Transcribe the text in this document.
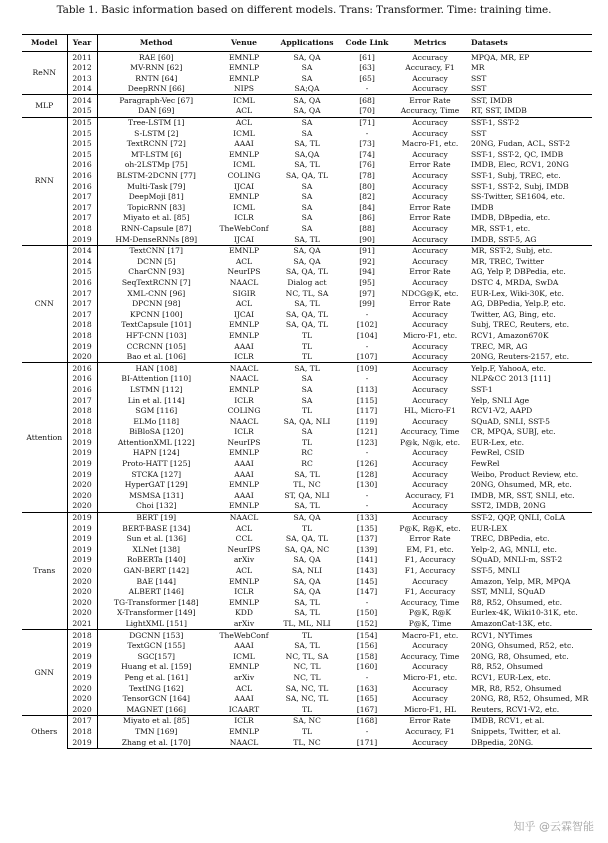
Table 1. Basic information based on different models. Trans: Transformer. Time: training time.
Model	Year	Method	Venue	Applications	Code Link	Metrics	Datasets
ReNN	2011	RAE [60]	EMNLP	SA, QA	[61]	Accuracy	MPQA, MR, EP
	2012	MV-RNN [62]	EMNLP	SA	[63]	Accuracy, F1	MR
	2013	RNTN [64]	EMNLP	SA	[65]	Accuracy	SST
	2014	DeepRNN [66]	NIPS	SA;QA	-	Accuracy	SST
MLP	2014	Paragraph-Vec [67]	ICML	SA, QA	[68]	Error Rate	SST, IMDB
	2015	DAN [69]	ACL	SA, QA	[70]	Accuracy, Time	RT, SST, IMDB
RNN	2015	Tree-LSTM [1]	ACL	SA	[71]	Accuracy	SST-1, SST-2
	2015	S-LSTM [2]	ICML	SA	-	Accuracy	SST
	2015	TextRCNN [72]	AAAI	SA, TL	[73]	Macro-F1, etc.	20NG, Fudan, ACL, SST-2
	2015	MT-LSTM [6]	EMNLP	SA,QA	[74]	Accuracy	SST-1, SST-2, QC, IMDB
	2016	oh-2LSTMp [75]	ICML	SA, TL	[76]	Error Rate	IMDB, Elec, RCV1, 20NG
	2016	BLSTM-2DCNN [77]	COLING	SA, QA, TL	[78]	Accuracy	SST-1, Subj, TREC, etc.
	2016	Multi-Task [79]	IJCAI	SA	[80]	Accuracy	SST-1, SST-2, Subj, IMDB
	2017	DeepMoji [81]	EMNLP	SA	[82]	Accuracy	SS-Twitter, SE1604, etc.
	2017	TopicRNN [83]	ICML	SA	[84]	Error Rate	IMDB
	2017	Miyato et al. [85]	ICLR	SA	[86]	Error Rate	IMDB, DBpedia, etc.
	2018	RNN-Capsule [87]	TheWebConf	SA	[88]	Accuracy	MR, SST-1, etc.
	2019	HM-DenseRNNs [89]	IJCAI	SA, TL	[90]	Accuracy	IMDB, SST-5, AG
CNN	2014	TextCNN [17]	EMNLP	SA, QA	[91]	Accuracy	MR, SST-2, Subj, etc.
	2014	DCNN [5]	ACL	SA, QA	[92]	Accuracy	MR, TREC, Twitter
	2015	CharCNN [93]	NeurIPS	SA, QA, TL	[94]	Error Rate	AG, Yelp P, DBPedia, etc.
	2016	SeqTextRCNN [7]	NAACL	Dialog act	[95]	Accuracy	DSTC 4, MRDA, SwDA
	2017	XML-CNN [96]	SIGIR	NC, TL, SA	[97]	NDCG@K, etc.	EUR-Lex, Wiki-30K, etc.
	2017	DPCNN [98]	ACL	SA, TL	[99]	Error Rate	AG, DBPedia, Yelp.P, etc.
	2017	KPCNN [100]	IJCAI	SA, QA, TL	-	Accuracy	Twitter, AG, Bing, etc.
	2018	TextCapsule [101]	EMNLP	SA, QA, TL	[102]	Accuracy	Subj, TREC, Reuters, etc.
	2018	HFT-CNN [103]	EMNLP	TL	[104]	Micro-F1, etc.	RCV1, Amazon670K
	2019	CCRCNN [105]	AAAI	TL	-	Accuracy	TREC, MR, AG
	2020	Bao et al. [106]	ICLR	TL	[107]	Accuracy	20NG, Reuters-2157, etc.
Attention	2016	HAN [108]	NAACL	SA, TL	[109]	Accuracy	Yelp.F, YahooA, etc.
	2016	BI-Attention [110]	NAACL	SA	-	Accuracy	NLP&CC 2013 [111]
	2016	LSTMN [112]	EMNLP	SA	[113]	Accuracy	SST-1
	2017	Lin et al. [114]	ICLR	SA	[115]	Accuracy	Yelp, SNLI Age
	2018	SGM [116]	COLING	TL	[117]	HL, Micro-F1	RCV1-V2, AAPD
	2018	ELMo [118]	NAACL	SA, QA, NLI	[119]	Accuracy	SQuAD, SNLI, SST-5
	2018	BiBloSA [120]	ICLR	SA	[121]	Accuracy, Time	CR, MPQA, SUBJ, etc.
	2019	AttentionXML [122]	NeurIPS	TL	[123]	P@k, N@k, etc.	EUR-Lex, etc.
	2019	HAPN [124]	EMNLP	RC	-	Accuracy	FewRel, CSID
	2019	Proto-HATT [125]	AAAI	RC	[126]	Accuracy	FewRel
	2019	STCKA [127]	AAAI	SA, TL	[128]	Accuracy	Weibo, Product Review, etc.
	2020	HyperGAT [129]	EMNLP	TL, NC	[130]	Accuracy	20NG, Ohsumed, MR, etc.
	2020	MSMSA [131]	AAAI	ST, QA, NLI	-	Accuracy, F1	IMDB, MR, SST, SNLI, etc.
	2020	Choi [132]	EMNLP	SA, TL	-	Accuracy	SST2, IMDB, 20NG
Trans	2019	BERT [19]	NAACL	SA, QA	[133]	Accuracy	SST-2, QQP, QNLI, CoLA
	2019	BERT-BASE [134]	ACL	TL	[135]	P@K, R@K, etc.	EUR-LEX
	2019	Sun et al. [136]	CCL	SA, QA, TL	[137]	Error Rate	TREC, DBPedia, etc.
	2019	XLNet [138]	NeurIPS	SA, QA, NC	[139]	EM, F1, etc.	Yelp-2, AG, MNLI, etc.
	2019	RoBERTa [140]	arXiv	SA, QA	[141]	F1, Accuracy	SQuAD, MNLI-m, SST-2
	2020	GAN-BERT [142]	ACL	SA, NLI	[143]	F1, Accuracy	SST-5, MNLI
	2020	BAE [144]	EMNLP	SA, QA	[145]	Accuracy	Amazon, Yelp, MR, MPQA
	2020	ALBERT [146]	ICLR	SA, QA	[147]	F1, Accuracy	SST, MNLI, SQuAD
	2020	TG-Transformer [148]	EMNLP	SA, TL	-	Accuracy, Time	R8, R52, Ohsumed, etc.
	2020	X-Transformer [149]	KDD	SA, TL	[150]	P@K, R@K	Eurlex-4K, Wiki10-31K, etc.
	2021	LightXML [151]	arXiv	TL, ML, NLI	[152]	P@K, Time	AmazonCat-13K, etc.
GNN	2018	DGCNN [153]	TheWebConf	TL	[154]	Macro-F1, etc.	RCV1, NYTimes
	2019	TextGCN [155]	AAAI	SA, TL	[156]	Accuracy	20NG, Ohsumed, R52, etc.
	2019	SGC[157]	ICML	NC, TL, SA	[158]	Accuracy, Time	20NG, R8, Ohsumed, etc.
	2019	Huang et al. [159]	EMNLP	NC, TL	[160]	Accuracy	R8, R52, Ohsumed
	2019	Peng et al. [161]	arXiv	NC, TL	-	Micro-F1, etc.	RCV1, EUR-Lex, etc.
	2020	TextING [162]	ACL	SA, NC, TL	[163]	Accuracy	MR, R8, R52, Ohsumed
	2020	TensorGCN [164]	AAAI	SA, NC, TL	[165]	Accuracy	20NG, R8, R52, Ohsumed, MR
	2020	MAGNET [166]	ICAART	TL	[167]	Micro-F1, HL	Reuters, RCV1-V2, etc.
Others	2017	Miyato et al. [85]	ICLR	SA, NC	[168]	Error Rate	IMDB, RCV1, et al.
	2018	TMN [169]	EMNLP	TL	-	Accuracy, F1	Snippets, Twitter, et al.
	2019	Zhang et al. [170]	NAACL	TL, NC	[171]	Accuracy	DBpedia, 20NG.
知乎 @云霖智能
